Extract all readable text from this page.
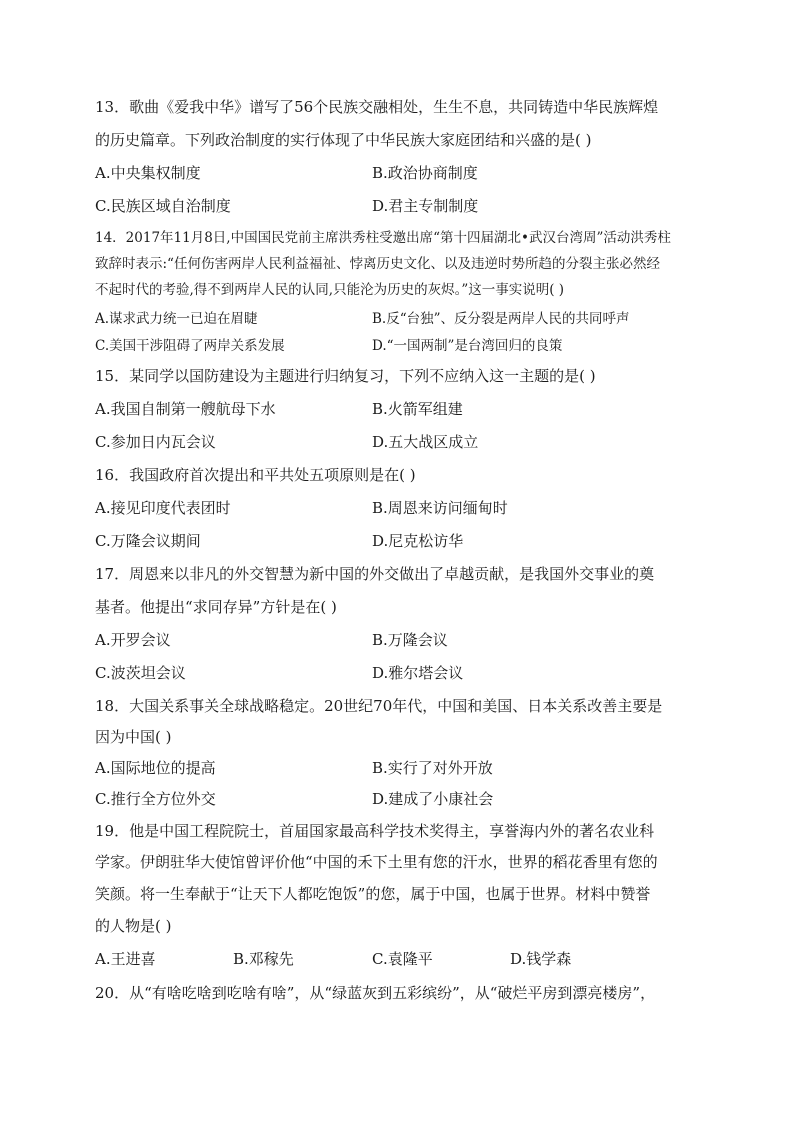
13．歌曲《爱我中华》谱写了56个民族交融相处，生生不息，共同铸造中华民族辉煌
的历史篇章。下列政治制度的实行体现了中华民族大家庭团结和兴盛的是( )
A.中央集权制度	B.政治协商制度
C.民族区域自治制度	D.君主专制制度
14．2017年11月8日,中国国民党前主席洪秀柱受邀出席“第十四届湖北•武汉台湾周”活动洪秀柱
致辞时表示:“任何伤害两岸人民利益福祉、悖离历史文化、以及违逆时势所趋的分裂主张必然经
不起时代的考验,得不到两岸人民的认同,只能沦为历史的灰烬。”这一事实说明( )
A.谋求武力统一已迫在眉睫	B.反“台独”、反分裂是两岸人民的共同呼声
C.美国干涉阻碍了两岸关系发展	D.“一国两制”是台湾回归的良策
15．某同学以国防建设为主题进行归纳复习，下列不应纳入这一主题的是( )
A.我国自制第一艘航母下水	B.火箭军组建
C.参加日内瓦会议	D.五大战区成立
16．我国政府首次提出和平共处五项原则是在( )
A.接见印度代表团时	B.周恩来访问缅甸时
C.万隆会议期间	D.尼克松访华
17．周恩来以非凡的外交智慧为新中国的外交做出了卓越贡献，是我国外交事业的奠
基者。他提出“求同存异”方针是在( )
A.开罗会议	B.万隆会议
C.波茨坦会议	D.雅尔塔会议
18．大国关系事关全球战略稳定。20世纪70年代，中国和美国、日本关系改善主要是
因为中国( )
A.国际地位的提高	B.实行了对外开放
C.推行全方位外交	D.建成了小康社会
19．他是中国工程院院士，首届国家最高科学技术奖得主，享誉海内外的著名农业科
学家。伊朗驻华大使馆曾评价他“中国的禾下土里有您的汗水，世界的稻花香里有您的
笑颜。将一生奉献于“让天下人都吃饱饭”的您，属于中国，也属于世界。材料中赞誉
的人物是( )
A.王进喜	B.邓稼先	C.袁隆平	D.钱学森
20．从“有啥吃啥到吃啥有啥”，从“绿蓝灰到五彩缤纷”，从“破烂平房到漂亮楼房”，
